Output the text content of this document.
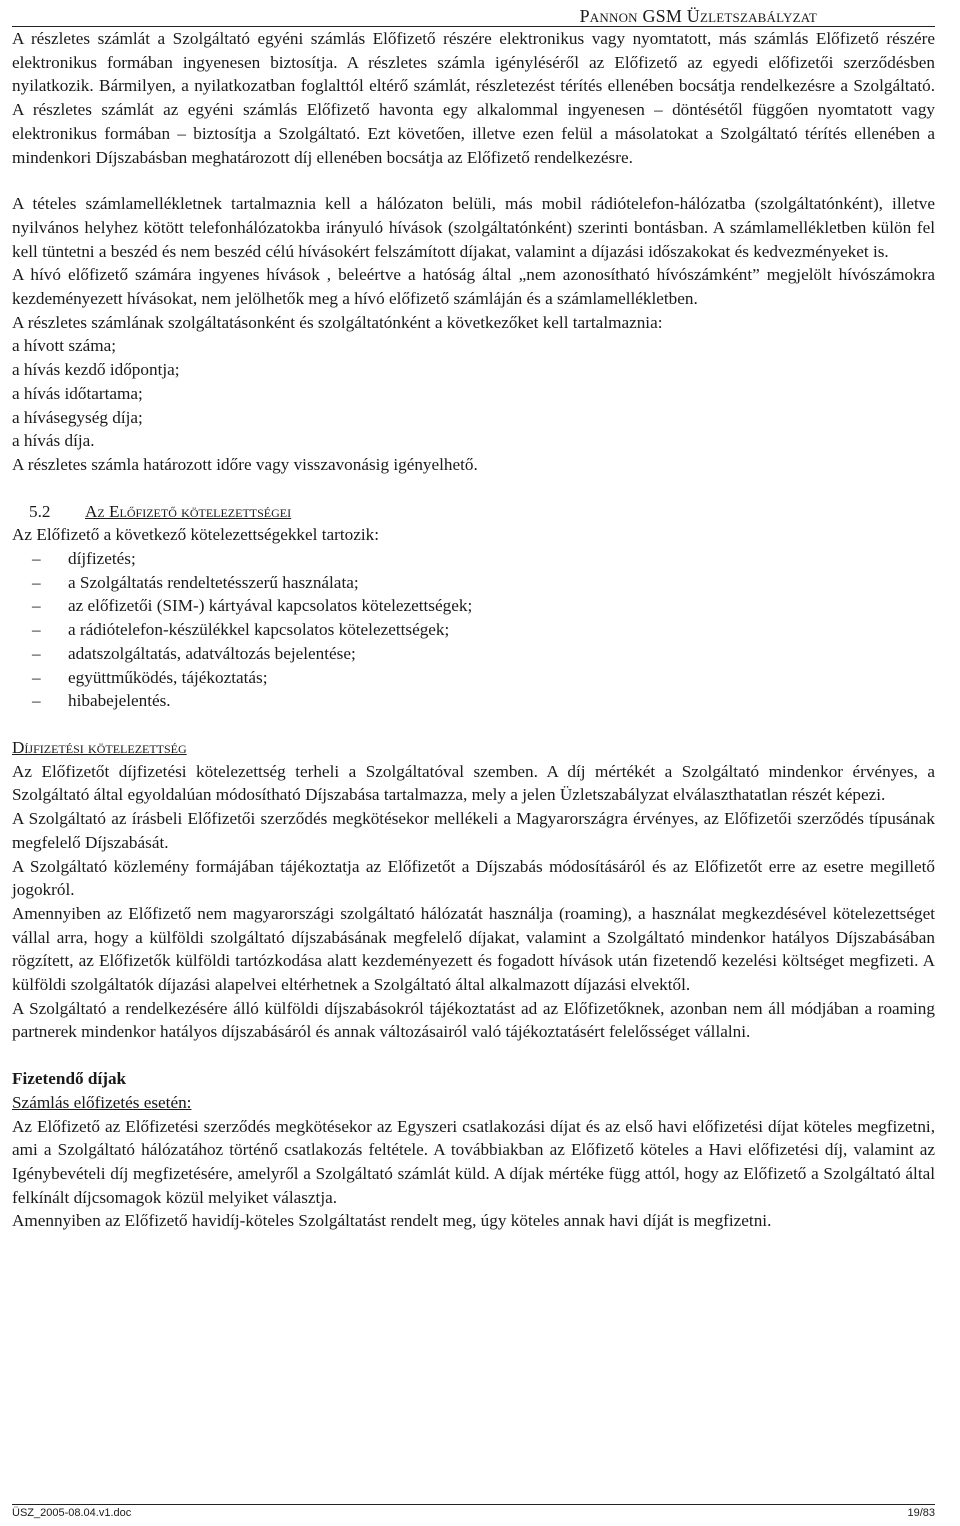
Pannon GSM Üzletszabályzat

A részletes számlát a Szolgáltató egyéni számlás Előfizető részére elektronikus vagy nyomtatott, más számlás Előfizető részére elektronikus formában ingyenesen biztosítja. A részletes számla igényléséről az Előfizető az egyedi előfizetői szerződésben nyilatkozik. Bármilyen, a nyilatkozatban foglalttól eltérő számlát, részletezést térítés ellenében bocsátja rendelkezésre a Szolgáltató. A részletes számlát az egyéni számlás Előfizető havonta egy alkalommal ingyenesen – döntésétől függően nyomtatott vagy elektronikus formában – biztosítja a Szolgáltató. Ezt követően, illetve ezen felül a másolatokat a Szolgáltató térítés ellenében a mindenkori Díjszabásban meghatározott díj ellenében bocsátja az Előfizető rendelkezésre.

A tételes számlamellékletnek tartalmaznia kell a hálózaton belüli, más mobil rádiótelefon-hálózatba (szolgáltatónként), illetve nyilvános helyhez kötött telefonhálózatokba irányuló hívások (szolgáltatónként) szerinti bontásban. A számlamellékletben külön fel kell tüntetni a beszéd és nem beszéd célú hívásokért felszámított díjakat, valamint a díjazási időszakokat és kedvezményeket is.

A hívó előfizető számára ingyenes hívások , beleértve a hatóság által „nem azonosítható hívószámként” megjelölt hívószámokra kezdeményezett hívásokat, nem jelölhetők meg a hívó előfizető számláján és a számlamellékletben.

A részletes számlának szolgáltatásonként és szolgáltatónként a következőket kell tartalmaznia:

a hívott száma;

a hívás kezdő időpontja;

a hívás időtartama;

a hívásegység díja;

a hívás díja.

A részletes számla határozott időre vagy visszavonásig igényelhető.

5.2 Az Előfizető kötelezettségei

Az Előfizető a következő kötelezettségekkel tartozik:

– díjfizetés;
– a Szolgáltatás rendeltetésszerű használata;
– az előfizetői (SIM-) kártyával kapcsolatos kötelezettségek;
– a rádiótelefon-készülékkel kapcsolatos kötelezettségek;
– adatszolgáltatás, adatváltozás bejelentése;
– együttműködés, tájékoztatás;
– hibabejelentés.
Díjfizetési kötelezettség

Az Előfizetőt díjfizetési kötelezettség terheli a Szolgáltatóval szemben. A díj mértékét a Szolgáltató mindenkor érvényes, a Szolgáltató által egyoldalúan módosítható Díjszabása tartalmazza, mely a jelen Üzletszabályzat elválaszthatatlan részét képezi.

A Szolgáltató az írásbeli Előfizetői szerződés megkötésekor mellékeli a Magyarországra érvényes, az Előfizetői szerződés típusának megfelelő Díjszabását.

A Szolgáltató közlemény formájában tájékoztatja az Előfizetőt a Díjszabás módosításáról és az Előfizetőt erre az esetre megillető jogokról.

Amennyiben az Előfizető nem magyarországi szolgáltató hálózatát használja (roaming), a használat megkezdésével kötelezettséget vállal arra, hogy a külföldi szolgáltató díjszabásának megfelelő díjakat, valamint a Szolgáltató mindenkor hatályos Díjszabásában rögzített, az Előfizetők külföldi tartózkodása alatt kezdeményezett és fogadott hívások után fizetendő kezelési költséget megfizeti. A külföldi szolgáltatók díjazási alapelvei eltérhetnek a Szolgáltató által alkalmazott díjazási elvektől.

A Szolgáltató a rendelkezésére álló külföldi díjszabásokról tájékoztatást ad az Előfizetőknek, azonban nem áll módjában a roaming partnerek mindenkor hatályos díjszabásáról és annak változásairól való tájékoztatásért felelősséget vállalni.

Fizetendő díjak
Számlás előfizetés esetén:

Az Előfizető az Előfizetési szerződés megkötésekor az Egyszeri csatlakozási díjat és az első havi előfizetési díjat köteles megfizetni, ami a Szolgáltató hálózatához történő csatlakozás feltétele. A továbbiakban az Előfizető köteles a Havi előfizetési díj, valamint az Igénybevételi díj megfizetésére, amelyről a Szolgáltató számlát küld. A díjak mértéke függ attól, hogy az Előfizető a Szolgáltató által felkínált díjcsomagok közül melyiket választja.

Amennyiben az Előfizető havidíj-köteles Szolgáltatást rendelt meg, úgy köteles annak havi díját is megfizetni.

ÜSZ_2005-08.04.v1.doc	19/83
